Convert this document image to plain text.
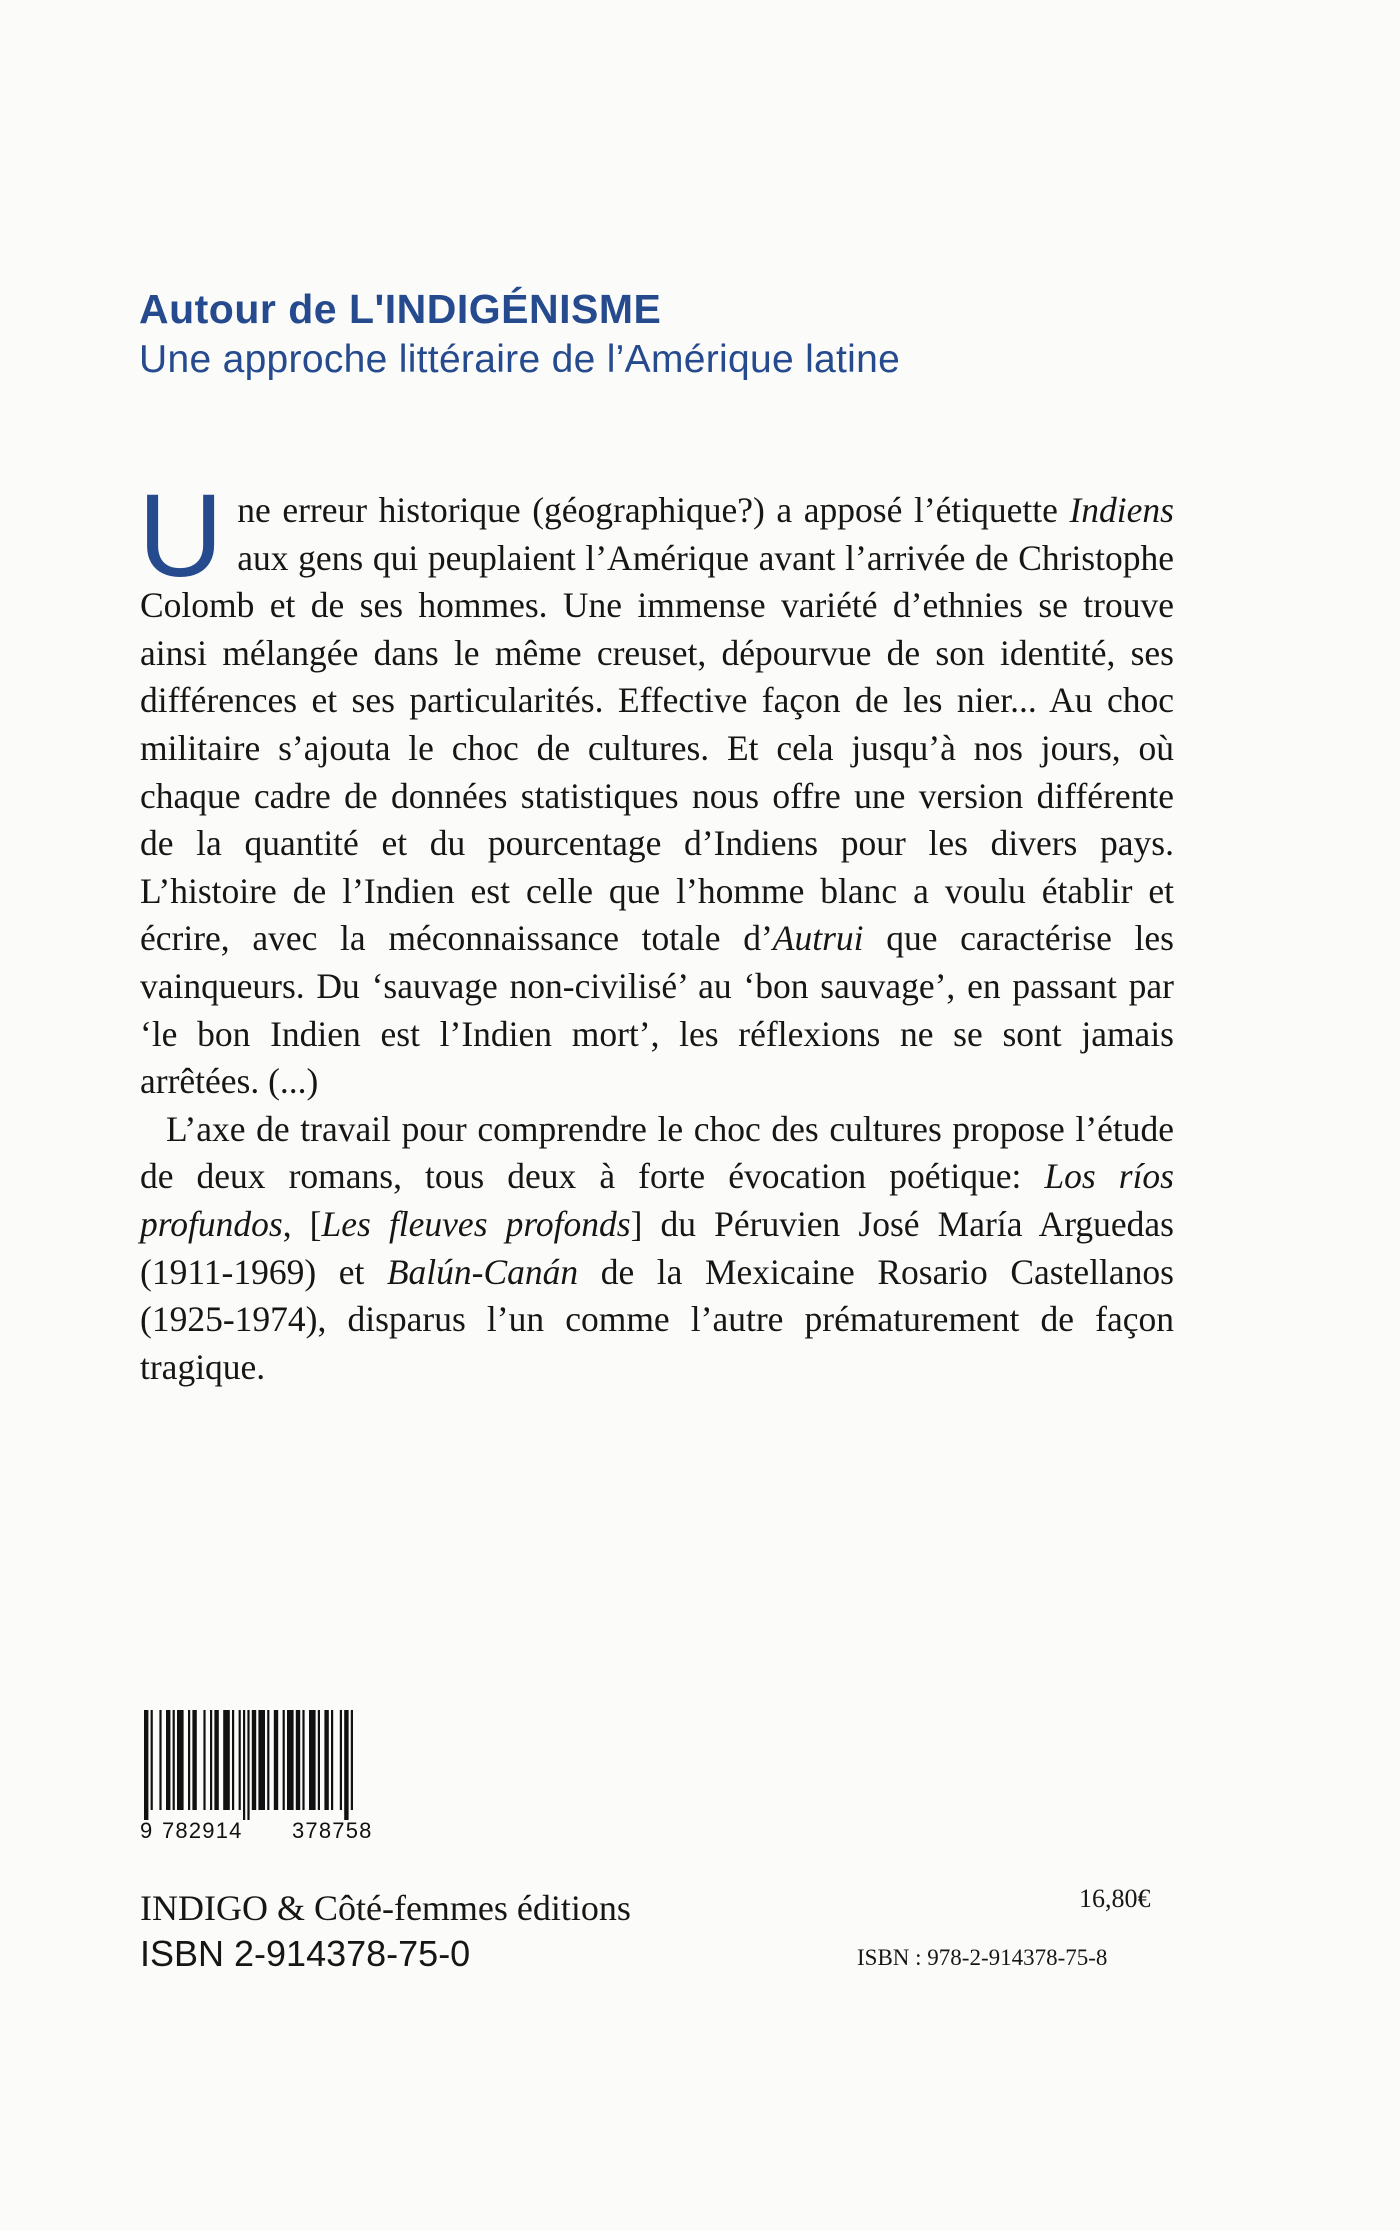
Autour de L'INDIGÉNISME
Une approche littéraire de l’Amérique latine

Une erreur historique (géographique?) a apposé l’étiquette Indiens aux gens qui peuplaient l’Amérique avant l’arrivée de Christophe Colomb et de ses hommes. Une immense variété d’ethnies se trouve ainsi mélangée dans le même creuset, dépourvue de son identité, ses différences et ses particularités. Effective façon de les nier... Au choc militaire s’ajouta le choc de cultures. Et cela jusqu’à nos jours, où chaque cadre de données statistiques nous offre une version différente de la quantité et du pourcentage d’Indiens pour les divers pays. L’histoire de l’Indien est celle que l’homme blanc a voulu établir et écrire, avec la méconnaissance totale d’Autrui que caractérise les vainqueurs. Du ‘sauvage non-civilisé’ au ‘bon sauvage’, en passant par ‘le bon Indien est l’Indien mort’, les réflexions ne se sont jamais arrêtées. (...)

L’axe de travail pour comprendre le choc des cultures propose l’étude de deux romans, tous deux à forte évocation poétique: Los ríos profundos, [Les fleuves profonds] du Péruvien José María Arguedas (1911-1969) et Balún-Canán de la Mexicaine Rosario Castellanos (1925-1974), disparus l’un comme l’autre prématurement de façon tragique.

9 782914 378758
INDIGO & Côté-femmes éditions
ISBN 2-914378-75-0
16,80€
ISBN : 978-2-914378-75-8
